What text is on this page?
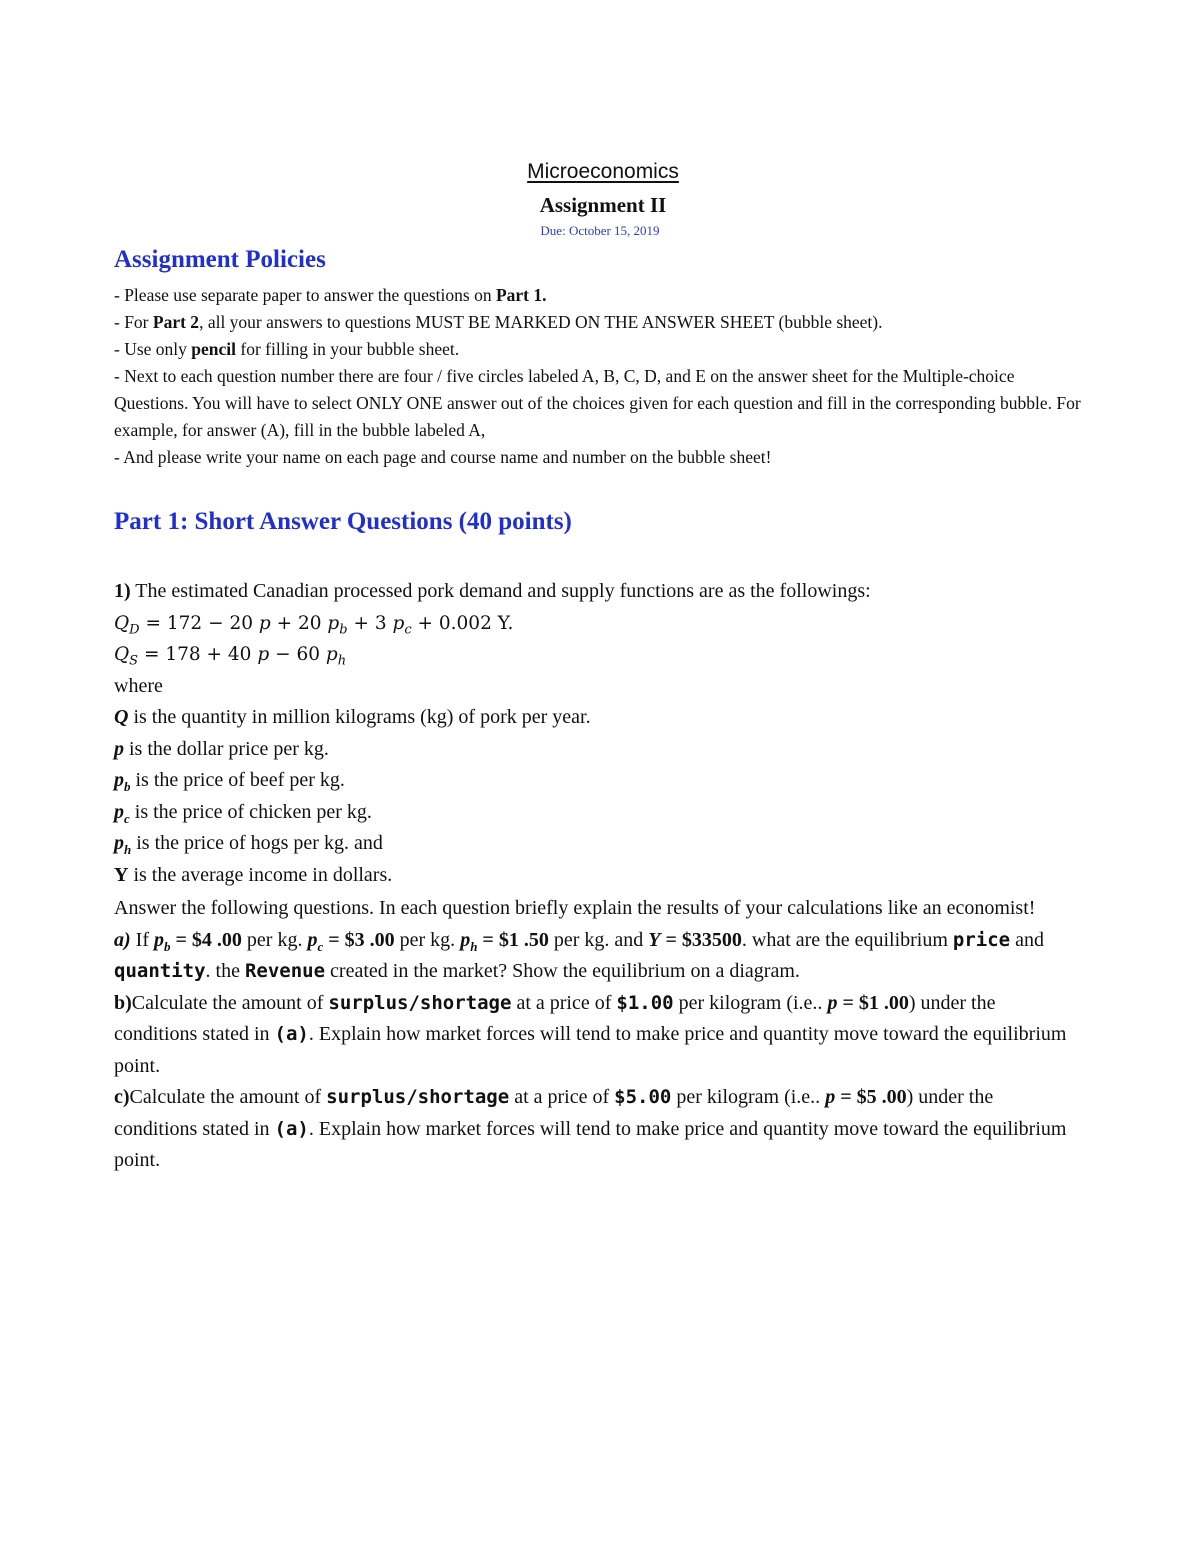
Microeconomics
Assignment II
Due: October 15, 2019
Assignment Policies

- Please use separate paper to answer the questions on Part 1.

- For Part 2, all your answers to questions MUST BE MARKED ON THE ANSWER SHEET (bubble sheet).

- Use only pencil for filling in your bubble sheet.

- Next to each question number there are four / five circles labeled A, B, C, D, and E on the answer sheet for the Multiple-choice Questions. You will have to select ONLY ONE answer out of the choices given for each question and fill in the corresponding bubble. For example, for answer (A), fill in the bubble labeled A,

- And please write your name on each page and course name and number on the bubble sheet!

Part 1: Short Answer Questions (40 points)

1) The estimated Canadian processed pork demand and supply functions are as the followings:

$Q_D = 172 - 20$ p + 20 $p_b + 3$ $p_c + 0.002$ Y.

$Q_S = 178 + 40$ p − 60 $p_h$

where

Q is the quantity in million kilograms (kg) of pork per year.

p is the dollar price per kg.

$p_b$ is the price of beef per kg.

$p_c$ is the price of chicken per kg.

$p_h$ is the price of hogs per kg. and

Y is the average income in dollars.

Answer the following questions. In each question briefly explain the results of your calculations like an economist!

a) If $p_b$ = $4 .00 per kg. $p_c$ = $3 .00 per kg. $p_h$ = $1 .50 per kg. and Y = $33500. what are the equilibrium price and quantity. the Revenue created in the market? Show the equilibrium on a diagram.

b)Calculate the amount of surplus/shortage at a price of $1.00 per kilogram (i.e.. p = $1 .00) under the conditions stated in (a). Explain how market forces will tend to make price and quantity move toward the equilibrium point.

c)Calculate the amount of surplus/shortage at a price of $5.00 per kilogram (i.e.. p = $5 .00) under the conditions stated in (a). Explain how market forces will tend to make price and quantity move toward the equilibrium point.
